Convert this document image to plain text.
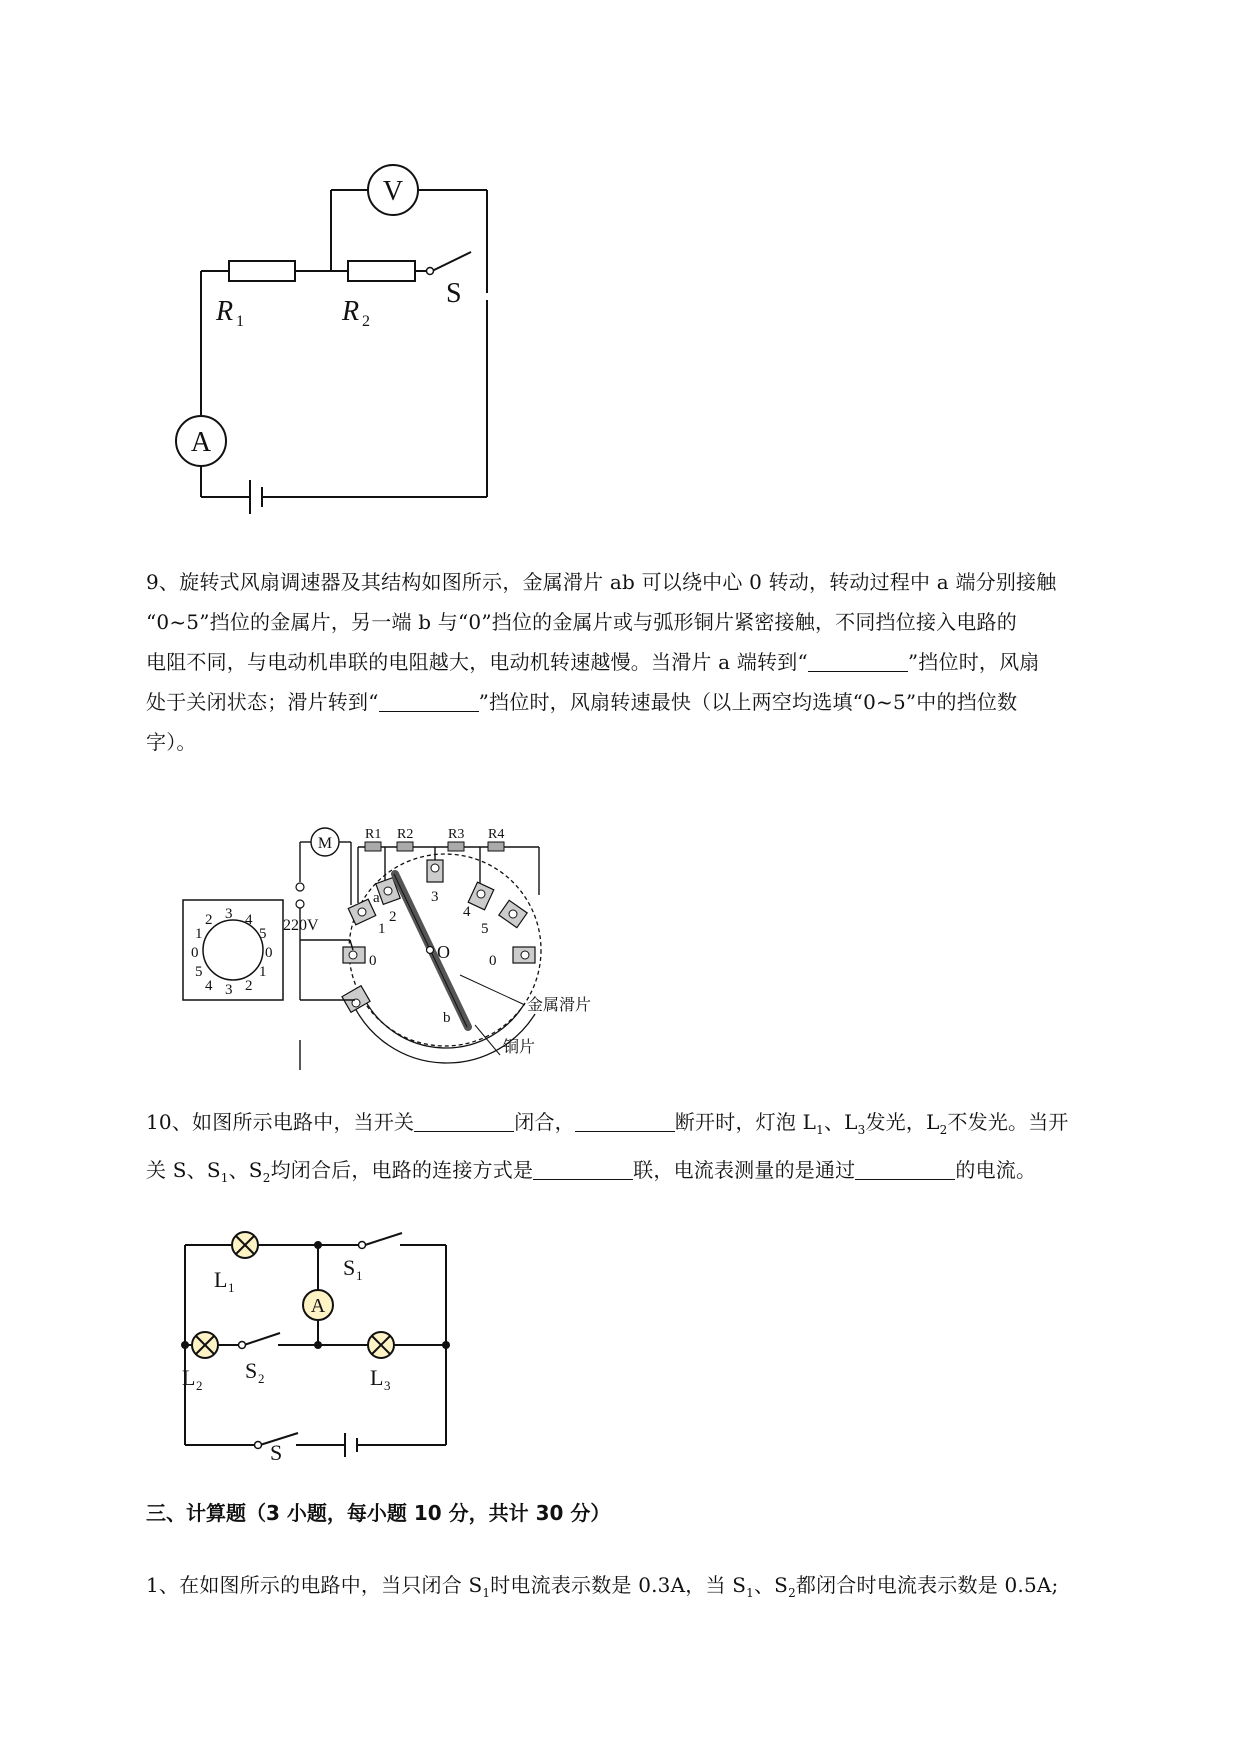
V
A
R 1	R 2
S
9、旋转式风扇调速器及其结构如图所示，金属滑片 ab 可以绕中心 0 转动，转动过程中 a 端分别接触
“0~5”挡位的金属片，另一端 b 与“0”挡位的金属片或与弧形铜片紧密接触，不同挡位接入电路的
电阻不同，与电动机串联的电阻越大，电动机转速越慢。当滑片 a 端转到“	”挡位时，风扇
处于关闭状态；滑片转到“	”挡位时，风扇转速最快（以上两空均选填“0~5”中的挡位数
字）。
1
2 3 4
5
0	0
5
4 3 2
1
R1 R2 R3 R4
M
220V
a
2
1
3
4
5
0	0
O
b
金属滑片
铜片
10、如图所示电路中，当开关	闭合，	断开时，灯泡 $L_1$、$L_3$发光，$L_2$不发光。当开
关 S、$S_1$、$S_2$均闭合后，电路的连接方式是	联，电流表测量的是通过	的电流。
A
L 1
S 1
L 2
S 2	L 3
S
三、计算题（3 小题，每小题 10 分，共计 30 分）
1、在如图所示的电路中，当只闭合 $S_1$时电流表示数是 0.3A，当 $S_1$、$S_2$都闭合时电流表示数是 0.5A;
